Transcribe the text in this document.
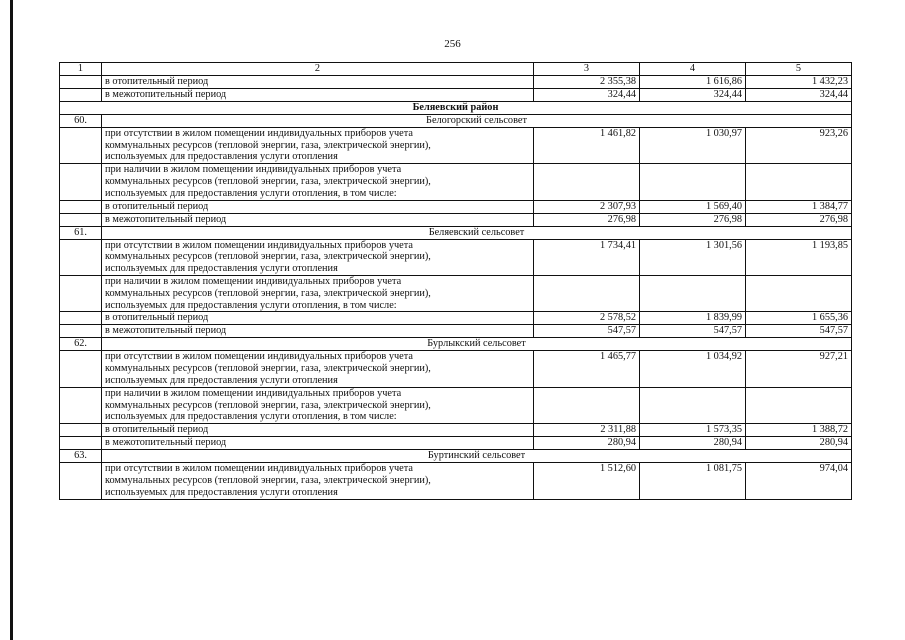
256
1	2	3	4	5
	в отопительный период	2 355,38	1 616,86	1 432,23
	в межотопительный период	324,44	324,44	324,44
Беляевский район				
60.	Белогорский сельсовет			
	при отсутствии в жилом помещении индивидуальных приборов учета
коммунальных ресурсов (тепловой энергии, газа, электрической энергии),
используемых для предоставления услуги отопления	1 461,82	1 030,97	923,26
	при наличии в жилом помещении индивидуальных приборов учета
коммунальных ресурсов (тепловой энергии, газа, электрической энергии),
используемых для предоставления услуги отопления, в том числе:			
	в отопительный период	2 307,93	1 569,40	1 384,77
	в межотопительный период	276,98	276,98	276,98
61.	Беляевский сельсовет			
	при отсутствии в жилом помещении индивидуальных приборов учета
коммунальных ресурсов (тепловой энергии, газа, электрической энергии),
используемых для предоставления услуги отопления	1 734,41	1 301,56	1 193,85
	при наличии в жилом помещении индивидуальных приборов учета
коммунальных ресурсов (тепловой энергии, газа, электрической энергии),
используемых для предоставления услуги отопления, в том числе:			
	в отопительный период	2 578,52	1 839,99	1 655,36
	в межотопительный период	547,57	547,57	547,57
62.	Бурлыкский сельсовет			
	при отсутствии в жилом помещении индивидуальных приборов учета
коммунальных ресурсов (тепловой энергии, газа, электрической энергии),
используемых для предоставления услуги отопления	1 465,77	1 034,92	927,21
	при наличии в жилом помещении индивидуальных приборов учета
коммунальных ресурсов (тепловой энергии, газа, электрической энергии),
используемых для предоставления услуги отопления, в том числе:			
	в отопительный период	2 311,88	1 573,35	1 388,72
	в межотопительный период	280,94	280,94	280,94
63.	Буртинский сельсовет			
	при отсутствии в жилом помещении индивидуальных приборов учета
коммунальных ресурсов (тепловой энергии, газа, электрической энергии),
используемых для предоставления услуги отопления	1 512,60	1 081,75	974,04
